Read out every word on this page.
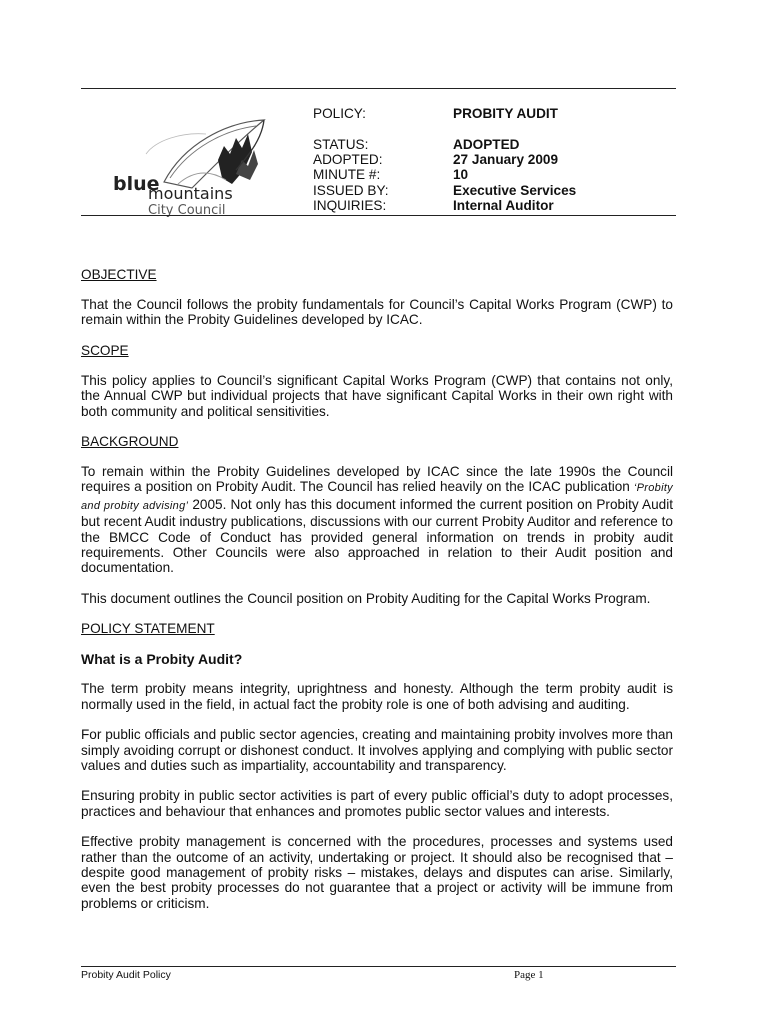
blue
mountains
City Council
POLICY:	PROBITY AUDIT
STATUS:	ADOPTED
ADOPTED:	27 January 2009
MINUTE #:	10
ISSUED BY:	Executive Services
INQUIRIES:	Internal Auditor

OBJECTIVE

That the Council follows the probity fundamentals for Council’s Capital Works Program (CWP) to remain within the Probity Guidelines developed by ICAC.

SCOPE

This policy applies to Council’s significant Capital Works Program (CWP) that contains not only, the Annual CWP but individual projects that have significant Capital Works in their own right with both community and political sensitivities.

BACKGROUND

To remain within the Probity Guidelines developed by ICAC since the late 1990s the Council requires a position on Probity Audit. The Council has relied heavily on the ICAC publication ‘Probity and probity advising’ 2005. Not only has this document informed the current position on Probity Audit but recent Audit industry publications, discussions with our current Probity Auditor and reference to the BMCC Code of Conduct has provided general information on trends in probity audit requirements. Other Councils were also approached in relation to their Audit position and documentation.

This document outlines the Council position on Probity Auditing for the Capital Works Program.

POLICY STATEMENT

What is a Probity Audit?

The term probity means integrity, uprightness and honesty. Although the term probity audit is normally used in the field, in actual fact the probity role is one of both advising and auditing.

For public officials and public sector agencies, creating and maintaining probity involves more than simply avoiding corrupt or dishonest conduct. It involves applying and complying with public sector values and duties such as impartiality, accountability and transparency.

Ensuring probity in public sector activities is part of every public official’s duty to adopt processes, practices and behaviour that enhances and promotes public sector values and interests.

Effective probity management is concerned with the procedures, processes and systems used rather than the outcome of an activity, undertaking or project. It should also be recognised that – despite good management of probity risks – mistakes, delays and disputes can arise. Similarly, even the best probity processes do not guarantee that a project or activity will be immune from problems or criticism.

Probity Audit Policy	Page 1
